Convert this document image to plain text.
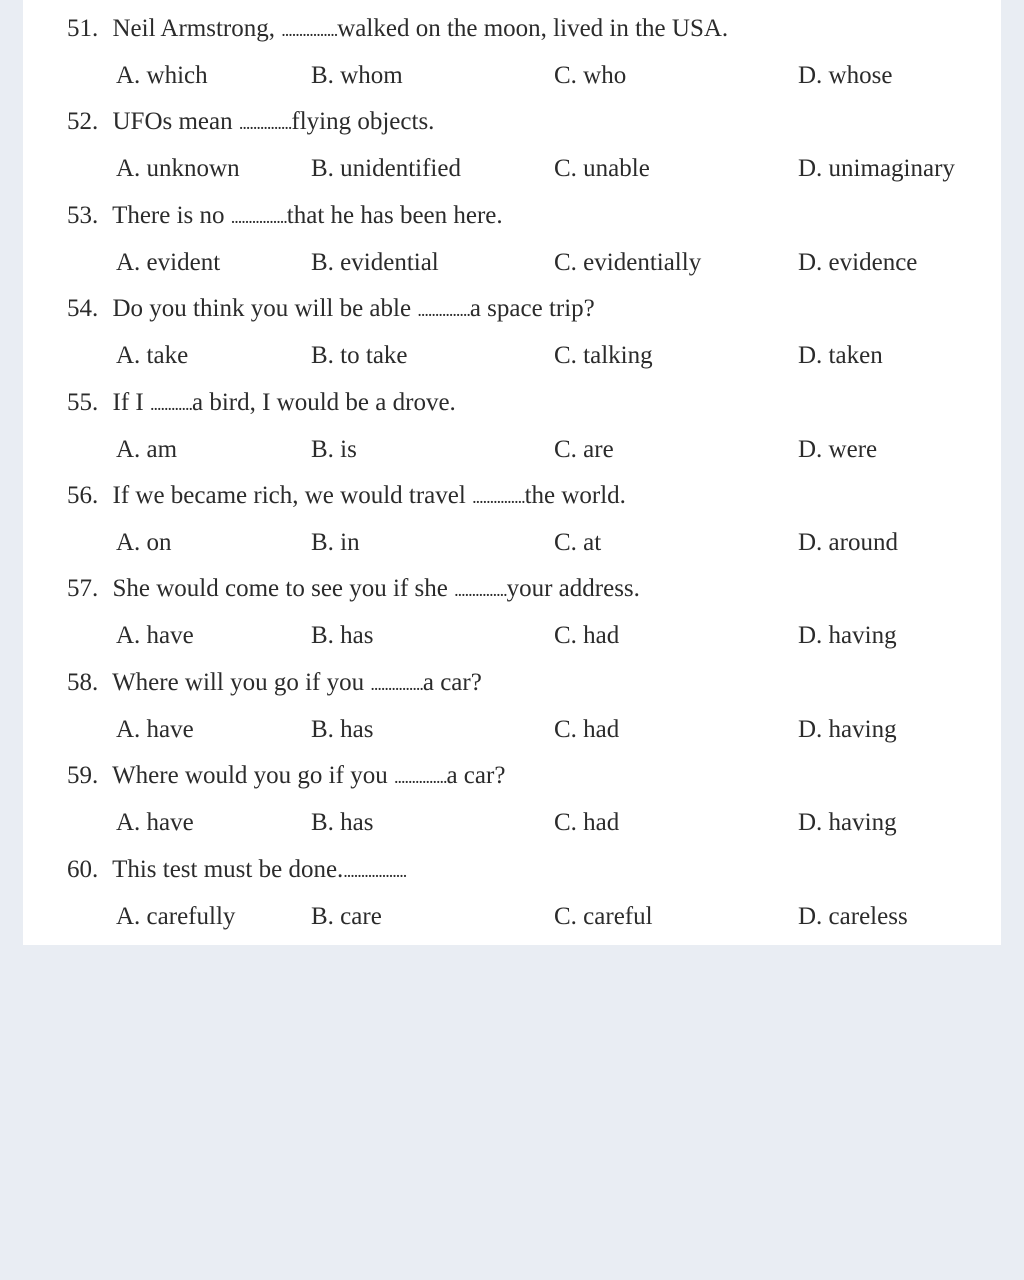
51. Neil Armstrong, ................walked on the moon, lived in the USA.
A. which	B. whom	C. who	D. whose
52. UFOs mean ...............flying objects.
A. unknown	B. unidentified	C. unable	D. unimaginary
53. There is no ................that he has been here.
A. evident	B. evidential	C. evidentially	D. evidence
54. Do you think you will be able ...............a space trip?
A. take	B. to take	C. talking	D. taken
55. If I ............a bird, I would be a drove.
A. am	B. is	C. are	D. were
56. If we became rich, we would travel ...............the world.
A. on	B. in	C. at	D. around
57. She would come to see you if she ...............your address.
A. have	B. has	C. had	D. having
58. Where will you go if you ...............a car?
A. have	B. has	C. had	D. having
59. Where would you go if you ...............a car?
A. have	B. has	C. had	D. having
60. This test must be done...................
A. carefully	B. care	C. careful	D. careless
